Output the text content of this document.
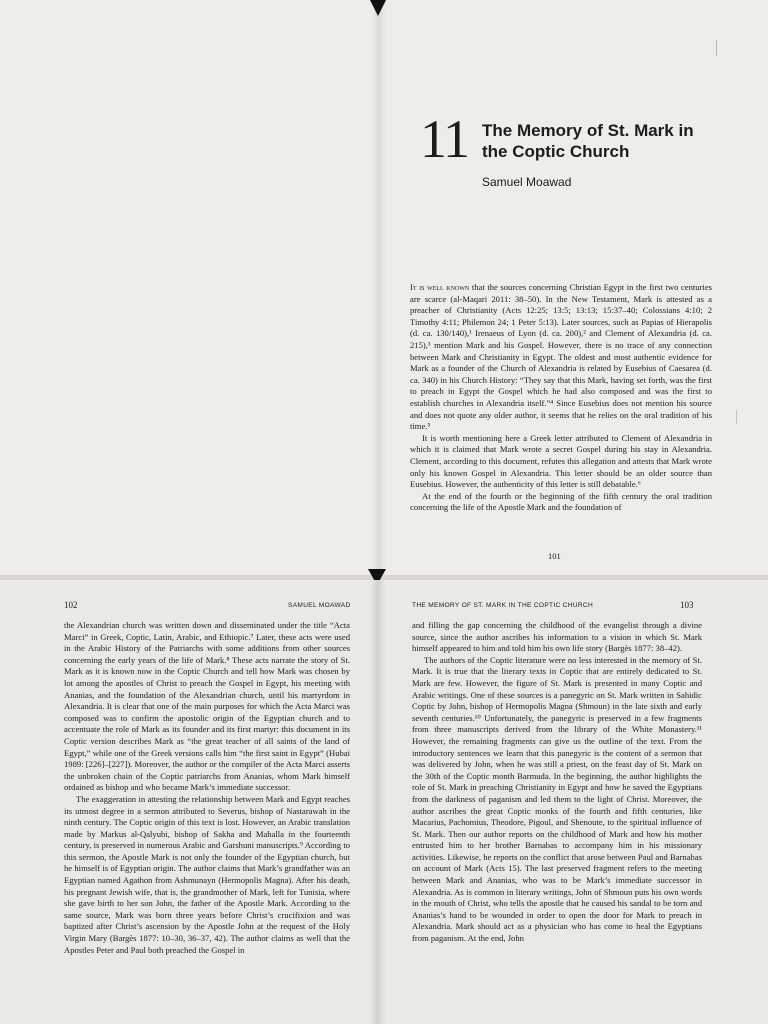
11 The Memory of St. Mark in the Coptic Church
Samuel Moawad

It is well known that the sources concerning Christian Egypt in the first two centuries are scarce (al-Maqari 2011: 38–50). In the New Testament, Mark is attested as a preacher of Christianity (Acts 12:25; 13:5; 13:13; 15:37–40; Colossians 4:10; 2 Timothy 4:11; Philemon 24; 1 Peter 5:13). Later sources, such as Papias of Hierapolis (d. ca. 130/140),¹ Irenaeus of Lyon (d. ca. 200),² and Clement of Alexandria (d. ca. 215),³ mention Mark and his Gospel. However, there is no trace of any connection between Mark and Christianity in Egypt. The oldest and most authentic evidence for Mark as a founder of the Church of Alexandria is related by Eusebius of Caesarea (d. ca. 340) in his Church History: “They say that this Mark, having set forth, was the first to preach in Egypt the Gospel which he had also composed and was the first to establish churches in Alexandria itself.”⁴ Since Eusebius does not mention his source and does not quote any older author, it seems that he relies on the oral tradition of his time.⁵

It is worth mentioning here a Greek letter attributed to Clement of Alexandria in which it is claimed that Mark wrote a secret Gospel during his stay in Alexandria. Clement, according to this document, refutes this allegation and attests that Mark wrote only his known Gospel in Alexandria. This letter should be an older source than Eusebius. However, the authenticity of this letter is still debatable.⁶

At the end of the fourth or the beginning of the fifth century the oral tradition concerning the life of the Apostle Mark and the foundation of

101
102	SAMUEL MOAWAD	THE MEMORY OF ST. MARK IN THE COPTIC CHURCH	103

the Alexandrian church was written down and disseminated under the title “Acta Marci” in Greek, Coptic, Latin, Arabic, and Ethiopic.⁷ Later, these acts were used in the Arabic History of the Patriarchs with some additions from other sources concerning the early years of the life of Mark.⁸ These acts narrate the story of St. Mark as it is known now in the Coptic Church and tell how Mark was chosen by lot among the apostles of Christ to preach the Gospel in Egypt, his meeting with Ananias, and the foundation of the Alexandrian church, until his martyrdom in Alexandria. It is clear that one of the main purposes for which the Acta Marci was composed was to confirm the apostolic origin of the Egyptian church and to accentuate the role of Mark as its founder and its first martyr: this document in its Coptic version describes Mark as “the great teacher of all saints of the land of Egypt,” while one of the Greek versions calls him “the first saint in Egypt” (Hubai 1989: [226]–[227]). Moreover, the author or the compiler of the Acta Marci asserts the unbroken chain of the Coptic patriarchs from Ananias, whom Mark himself ordained as bishop and who became Mark’s immediate successor.

The exaggeration in attesting the relationship between Mark and Egypt reaches its utmost degree in a sermon attributed to Severus, bishop of Nastarawah in the ninth century. The Coptic origin of this text is lost. However, an Arabic translation made by Markus al-Qalyubi, bishop of Sakha and Mahalla in the fourteenth century, is preserved in numerous Arabic and Garshuni manuscripts.⁹ According to this sermon, the Apostle Mark is not only the founder of the Egyptian church, but he himself is of Egyptian origin. The author claims that Mark’s grandfather was an Egyptian named Agathon from Ashmunayn (Hermopolis Magna). After his death, his pregnant Jewish wife, that is, the grandmother of Mark, left for Tunisia, where she gave birth to her son John, the father of the Apostle Mark. According to the same source, Mark was born three years before Christ’s crucifixion and was baptized after Christ’s ascension by the Apostle John at the request of the Holy Virgin Mary (Bargès 1877: 10–30, 36–37, 42). The author claims as well that the Apostles Peter and Paul both preached the Gospel in

and filling the gap concerning the childhood of the evangelist through a divine source, since the author ascribes his information to a vision in which St. Mark himself appeared to him and told him his own life story (Bargès 1877: 38–42).

The authors of the Coptic literature were no less interested in the memory of St. Mark. It is true that the literary texts in Coptic that are entirely dedicated to St. Mark are few. However, the figure of St. Mark is presented in many Coptic and Arabic writings. One of these sources is a panegyric on St. Mark written in Sahidic Coptic by John, bishop of Hermopolis Magna (Shmoun) in the late sixth and early seventh centuries.¹⁰ Unfortunately, the panegyric is preserved in a few fragments from three manuscripts derived from the library of the White Monastery.¹¹ However, the remaining fragments can give us the outline of the text. From the introductory sentences we learn that this panegyric is the content of a sermon that was delivered by John, when he was still a priest, on the feast day of St. Mark on the 30th of the Coptic month Barmuda. In the beginning, the author highlights the role of St. Mark in preaching Christianity in Egypt and how he saved the Egyptians from the darkness of paganism and led them to the light of Christ. Moreover, the author ascribes the great Coptic monks of the fourth and fifth centuries, like Macarius, Pachomius, Theodore, Pigoul, and Shenoute, to the spiritual influence of St. Mark. Then our author reports on the childhood of Mark and how his mother entrusted him to her brother Barnabas to accompany him in his missionary activities. Likewise, he reports on the conflict that arose between Paul and Barnabas on account of Mark (Acts 15). The last preserved fragment refers to the meeting between Mark and Ananias, who was to be Mark’s immediate successor in Alexandria. As is common in literary writings, John of Shmoun puts his own words in the mouth of Christ, who tells the apostle that he caused his sandal to be torn and Ananias’s hand to be wounded in order to open the door for Mark to preach in Alexandria. Mark should act as a physician who has come to heal the Egyptians from paganism. At the end, John
